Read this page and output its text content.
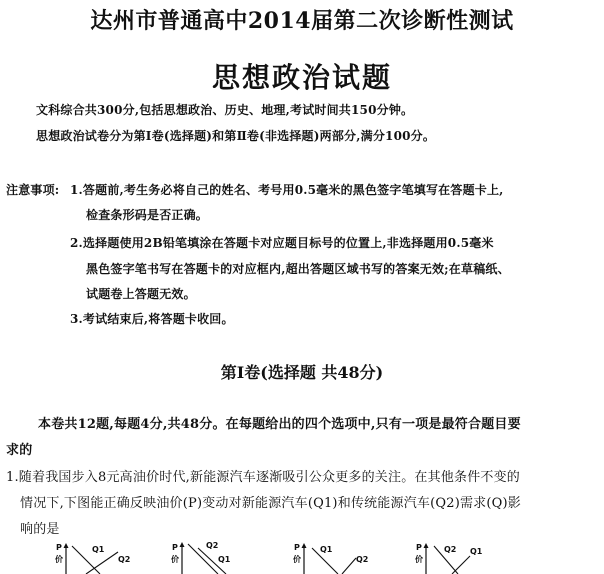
达州市普通高中2014届第二次诊断性测试
思想政治试题
文科综合共300分,包括思想政治、历史、地理,考试时间共150分钟。
思想政治试卷分为第Ⅰ卷(选择题)和第Ⅱ卷(非选择题)两部分,满分100分。
注意事项: 1.答题前,考生务必将自己的姓名、考号用0.5毫米的黑色签字笔填写在答题卡上,
检查条形码是否正确。
2.选择题使用2B铅笔填涂在答题卡对应题目标号的位置上,非选择题用0.5毫米
黑色签字笔书写在答题卡的对应框内,超出答题区域书写的答案无效;在草稿纸、
试题卷上答题无效。
3.考试结束后,将答题卡收回。
第Ⅰ卷(选择题 共48分)
本卷共12题,每题4分,共48分。在每题给出的四个选项中,只有一项是最符合题目要
求的
1.随着我国步入8元高油价时代,新能源汽车逐渐吸引公众更多的关注。在其他条件不变的
情况下,下图能正确反映油价(P)变动对新能源汽车(Q1)和传统能源汽车(Q2)需求(Q)影
响的是
P
价
Q1
Q2
P
价
Q2
Q1
P
价
Q1
Q2
P
价
Q2 Q1
